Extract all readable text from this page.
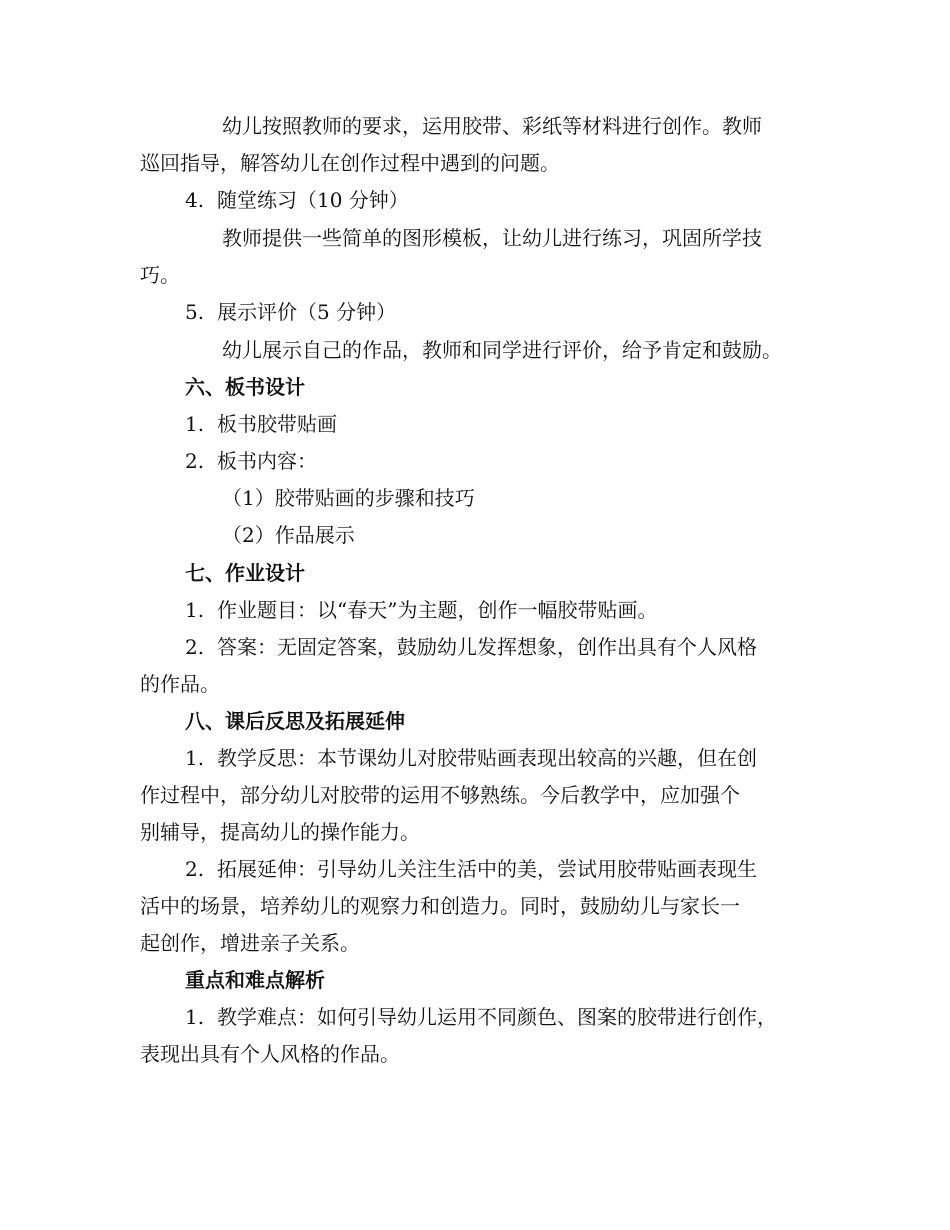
幼儿按照教师的要求，运用胶带、彩纸等材料进行创作。教师
巡回指导，解答幼儿在创作过程中遇到的问题。
4. 随堂练习（10 分钟）
教师提供一些简单的图形模板，让幼儿进行练习，巩固所学技
巧。
5. 展示评价（5 分钟）
幼儿展示自己的作品，教师和同学进行评价，给予肯定和鼓励。
六、板书设计
1. 板书胶带贴画
2. 板书内容：
（1）胶带贴画的步骤和技巧
（2）作品展示
七、作业设计
1. 作业题目：以“春天”为主题，创作一幅胶带贴画。
2. 答案：无固定答案，鼓励幼儿发挥想象，创作出具有个人风格
的作品。
八、课后反思及拓展延伸
1. 教学反思：本节课幼儿对胶带贴画表现出较高的兴趣，但在创
作过程中，部分幼儿对胶带的运用不够熟练。今后教学中，应加强个
别辅导，提高幼儿的操作能力。
2. 拓展延伸：引导幼儿关注生活中的美，尝试用胶带贴画表现生
活中的场景，培养幼儿的观察力和创造力。同时，鼓励幼儿与家长一
起创作，增进亲子关系。
重点和难点解析
1. 教学难点：如何引导幼儿运用不同颜色、图案的胶带进行创作，
表现出具有个人风格的作品。
